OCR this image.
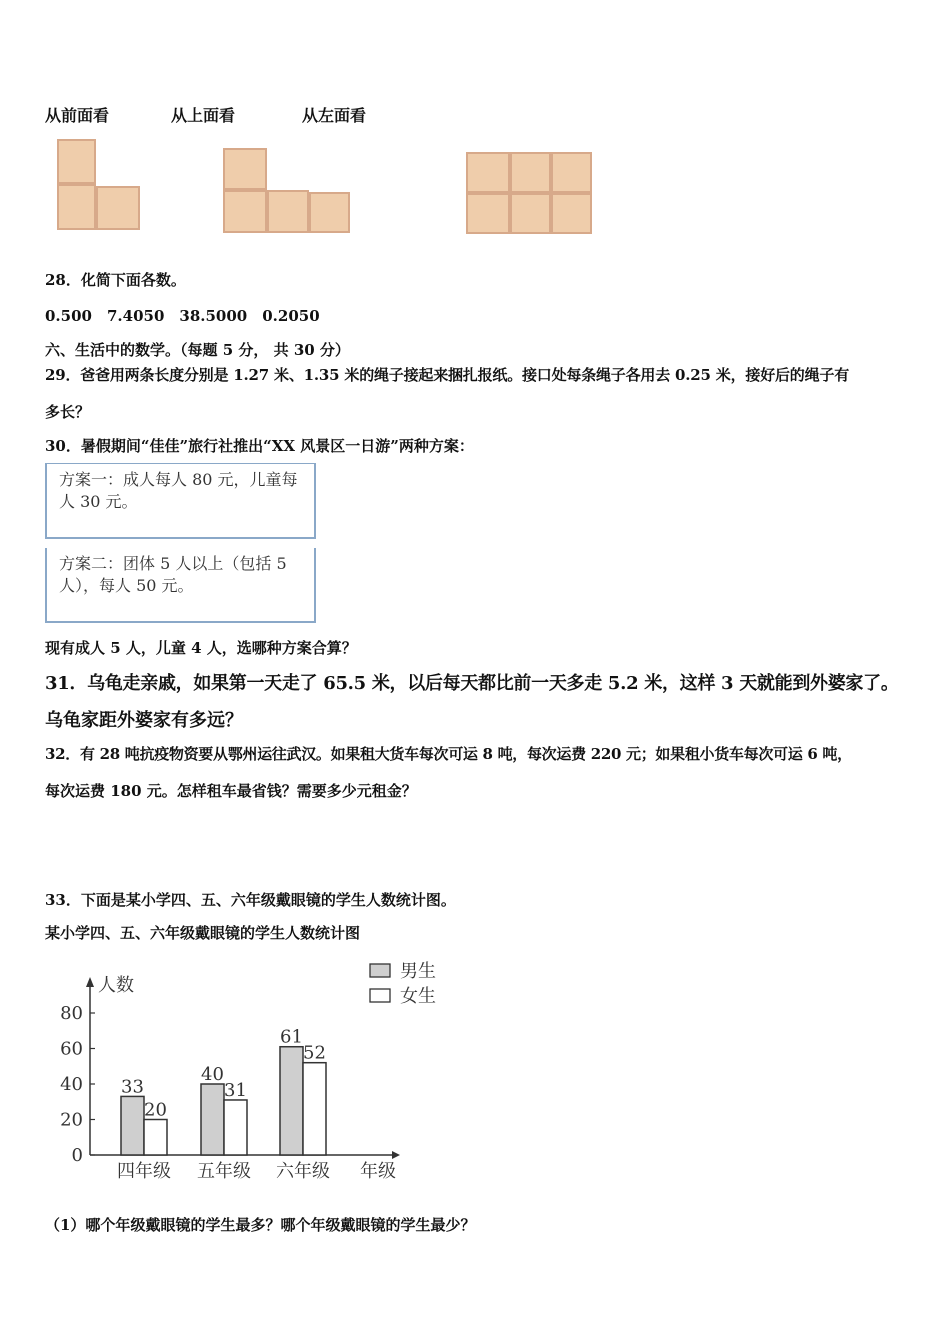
从前面看	从上面看	从左面看
28．化简下面各数。
0.500　7.4050　38.5000　0.2050
六、生活中的数学。（每题 5 分， 共 30 分）
29．爸爸用两条长度分别是 1.27 米、1.35 米的绳子接起来捆扎报纸。接口处每条绳子各用去 0.25 米，接好后的绳子有
多长？
30．暑假期间“佳佳”旅行社推出“XX 风景区一日游”两种方案：
方案一：成人每人 80 元，儿童每人 30 元。
方案二：团体 5 人以上（包括 5 人），每人 50 元。
现有成人 5 人，儿童 4 人，选哪种方案合算？
31．乌龟走亲戚，如果第一天走了 65.5 米，以后每天都比前一天多走 5.2 米，这样 3 天就能到外婆家了。
乌龟家距外婆家有多远？
32．有 28 吨抗疫物资要从鄂州运往武汉。如果租大货车每次可运 8 吨，每次运费 220 元；如果租小货车每次可运 6 吨，
每次运费 180 元。怎样租车最省钱？需要多少元租金？
33．下面是某小学四、五、六年级戴眼镜的学生人数统计图。
某小学四、五、六年级戴眼镜的学生人数统计图
人数
年级
0
20
40
60
80
33
20
四年级
40
31
五年级
61
52
六年级
男生
女生
（1）哪个年级戴眼镜的学生最多？哪个年级戴眼镜的学生最少？
